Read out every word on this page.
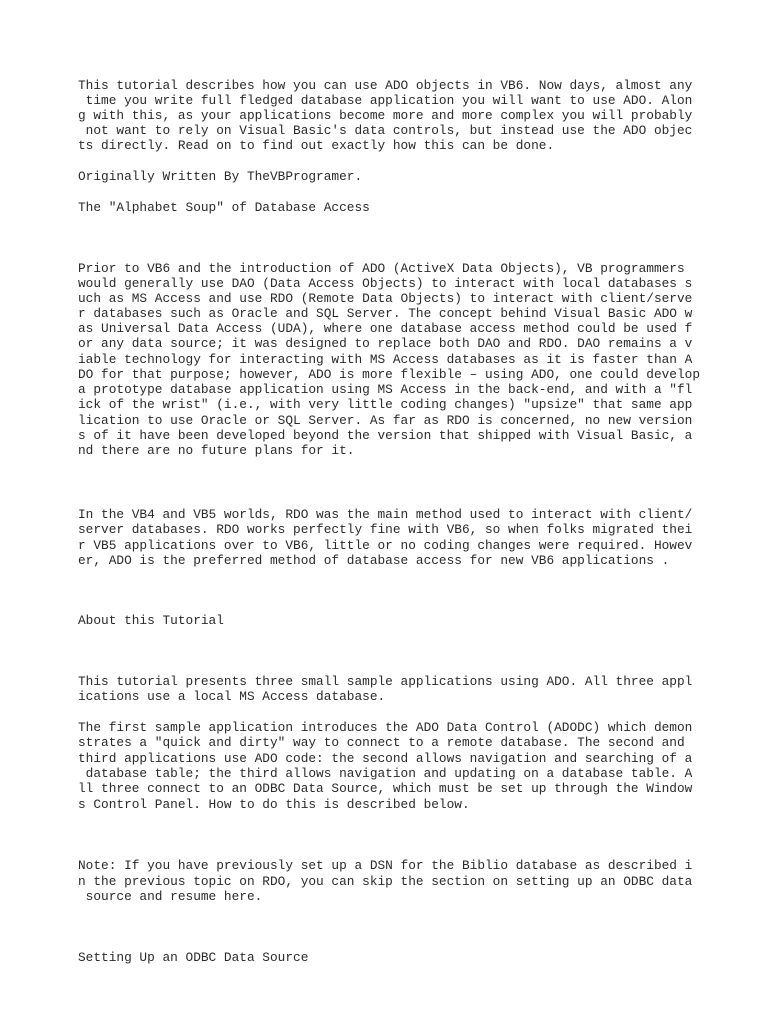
This tutorial describes how you can use ADO objects in VB6. Now days, almost any

time you write full fledged database application you will want to use ADO. Alon

g with this, as your applications become more and more complex you will probably

not want to rely on Visual Basic's data controls, but instead use the ADO objec

ts directly. Read on to find out exactly how this can be done.

Originally Written By TheVBProgramer.

The "Alphabet Soup" of Database Access

Prior to VB6 and the introduction of ADO (ActiveX Data Objects), VB programmers

would generally use DAO (Data Access Objects) to interact with local databases s

uch as MS Access and use RDO (Remote Data Objects) to interact with client/serve

r databases such as Oracle and SQL Server. The concept behind Visual Basic ADO w

as Universal Data Access (UDA), where one database access method could be used f

or any data source; it was designed to replace both DAO and RDO. DAO remains a v

iable technology for interacting with MS Access databases as it is faster than A

DO for that purpose; however, ADO is more flexible – using ADO, one could develop

a prototype database application using MS Access in the back-end, and with a "fl

ick of the wrist" (i.e., with very little coding changes) "upsize" that same app

lication to use Oracle or SQL Server. As far as RDO is concerned, no new version

s of it have been developed beyond the version that shipped with Visual Basic, a

nd there are no future plans for it.

In the VB4 and VB5 worlds, RDO was the main method used to interact with client/

server databases. RDO works perfectly fine with VB6, so when folks migrated thei

r VB5 applications over to VB6, little or no coding changes were required. Howev

er, ADO is the preferred method of database access for new VB6 applications .

About this Tutorial

This tutorial presents three small sample applications using ADO. All three appl

ications use a local MS Access database.

The first sample application introduces the ADO Data Control (ADODC) which demon

strates a "quick and dirty" way to connect to a remote database. The second and

third applications use ADO code: the second allows navigation and searching of a

database table; the third allows navigation and updating on a database table. A

ll three connect to an ODBC Data Source, which must be set up through the Window

s Control Panel. How to do this is described below.

Note: If you have previously set up a DSN for the Biblio database as described i

n the previous topic on RDO, you can skip the section on setting up an ODBC data

source and resume here.

Setting Up an ODBC Data Source
